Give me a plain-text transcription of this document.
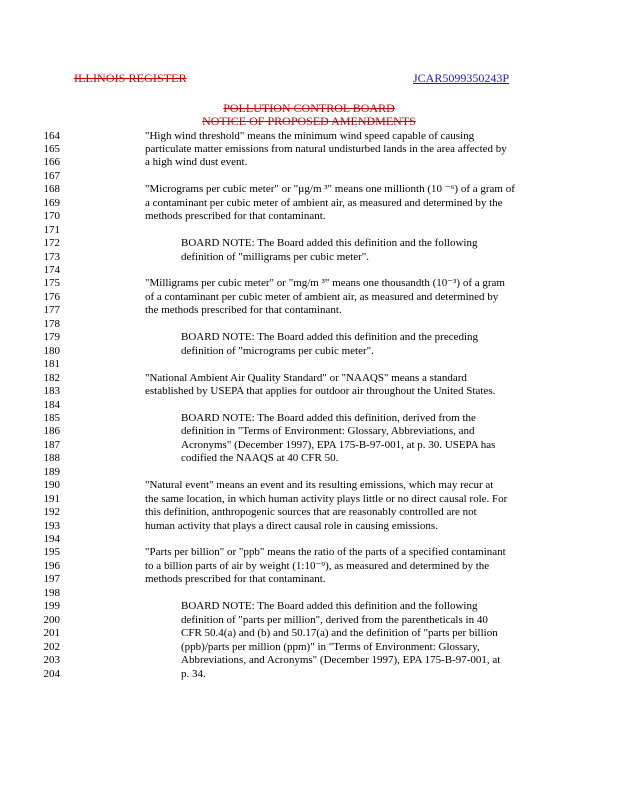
ILLINOIS REGISTER	JCAR5099350243P
POLLUTION CONTROL BOARD
NOTICE OF PROPOSED AMENDMENTS
164	"High wind threshold" means the minimum wind speed capable of causing
165	particulate matter emissions from natural undisturbed lands in the area affected by
166	a high wind dust event.
167
168	"Micrograms per cubic meter" or "µg/m ³" means one millionth (10 ⁻⁶) of a gram of
169	a contaminant per cubic meter of ambient air, as measured and determined by the
170	methods prescribed for that contaminant.
171
172	BOARD NOTE: The Board added this definition and the following
173	definition of "milligrams per cubic meter".
174
175	"Milligrams per cubic meter" or "mg/m ³" means one thousandth (10⁻³) of a gram
176	of a contaminant per cubic meter of ambient air, as measured and determined by
177	the methods prescribed for that contaminant.
178
179	BOARD NOTE: The Board added this definition and the preceding
180	definition of "micrograms per cubic meter".
181
182	"National Ambient Air Quality Standard" or "NAAQS" means a standard
183	established by USEPA that applies for outdoor air throughout the United States.
184
185	BOARD NOTE: The Board added this definition, derived from the
186	definition in "Terms of Environment: Glossary, Abbreviations, and
187	Acronyms" (December 1997), EPA 175-B-97-001, at p. 30. USEPA has
188	codified the NAAQS at 40 CFR 50.
189
190	"Natural event" means an event and its resulting emissions, which may recur at
191	the same location, in which human activity plays little or no direct causal role. For
192	this definition, anthropogenic sources that are reasonably controlled are not
193	human activity that plays a direct causal role in causing emissions.
194
195	"Parts per billion" or "ppb" means the ratio of the parts of a specified contaminant
196	to a billion parts of air by weight (1:10⁻⁹), as measured and determined by the
197	methods prescribed for that contaminant.
198
199	BOARD NOTE: The Board added this definition and the following
200	definition of "parts per million", derived from the parentheticals in 40
201	CFR 50.4(a) and (b) and 50.17(a) and the definition of "parts per billion
202	(ppb)/parts per million (ppm)" in "Terms of Environment: Glossary,
203	Abbreviations, and Acronyms" (December 1997), EPA 175-B-97-001, at
204	p. 34.
